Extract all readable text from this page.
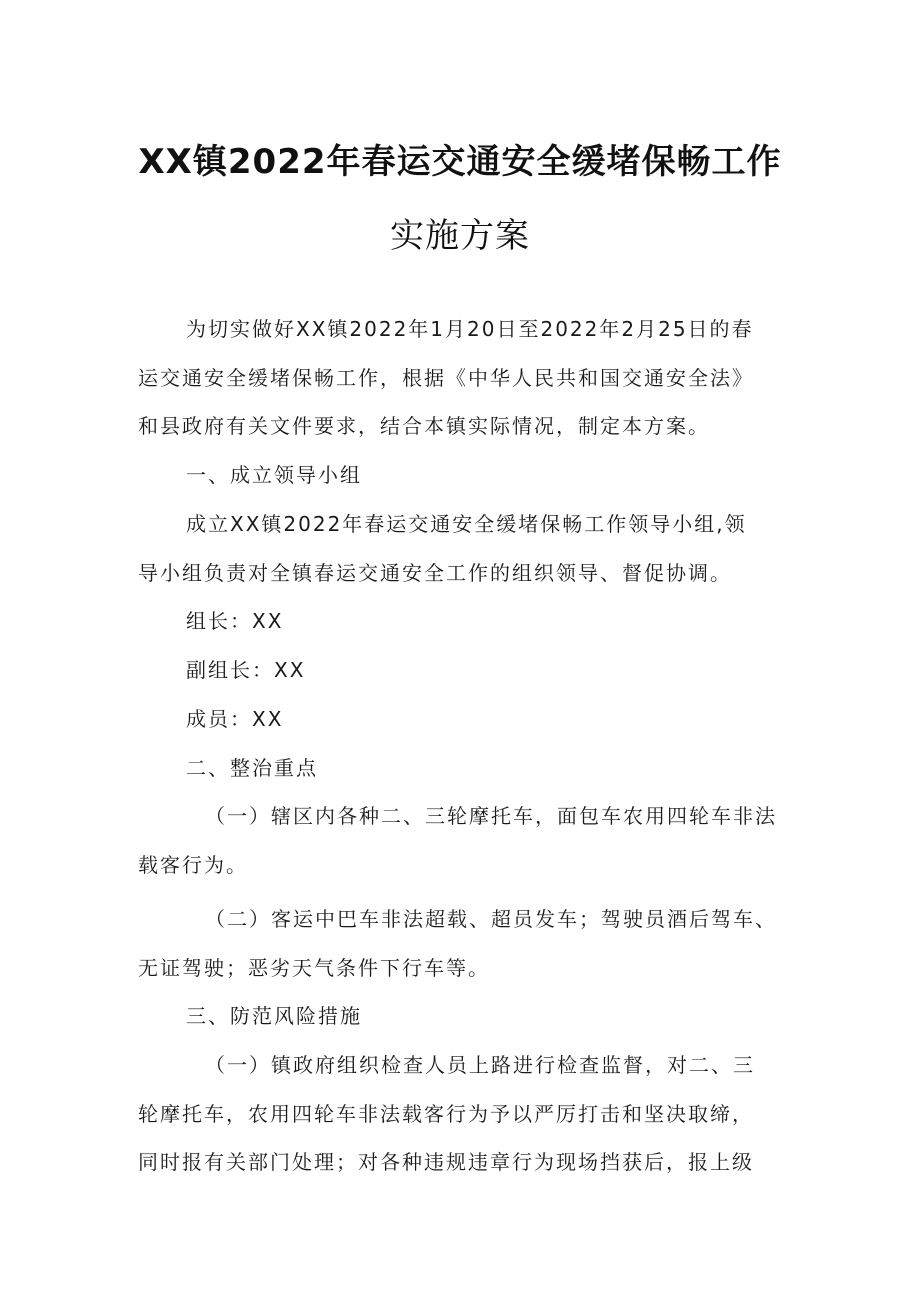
XX镇2022年春运交通安全缓堵保畅工作
实施方案
为切实做好XX镇2022年1月20日至2022年2月25日的春
运交通安全缓堵保畅工作，根据《中华人民共和国交通安全法》
和县政府有关文件要求，结合本镇实际情况，制定本方案。
一、成立领导小组
成立XX镇2022年春运交通安全缓堵保畅工作领导小组,领
导小组负责对全镇春运交通安全工作的组织领导、督促协调。
组长：XX
副组长：XX
成员：XX
二、整治重点
（一）辖区内各种二、三轮摩托车，面包车农用四轮车非法
载客行为。
（二）客运中巴车非法超载、超员发车；驾驶员酒后驾车、
无证驾驶；恶劣天气条件下行车等。
三、防范风险措施
（一）镇政府组织检查人员上路进行检查监督，对二、三
轮摩托车，农用四轮车非法载客行为予以严厉打击和坚决取缔，
同时报有关部门处理；对各种违规违章行为现场挡获后，报上级
